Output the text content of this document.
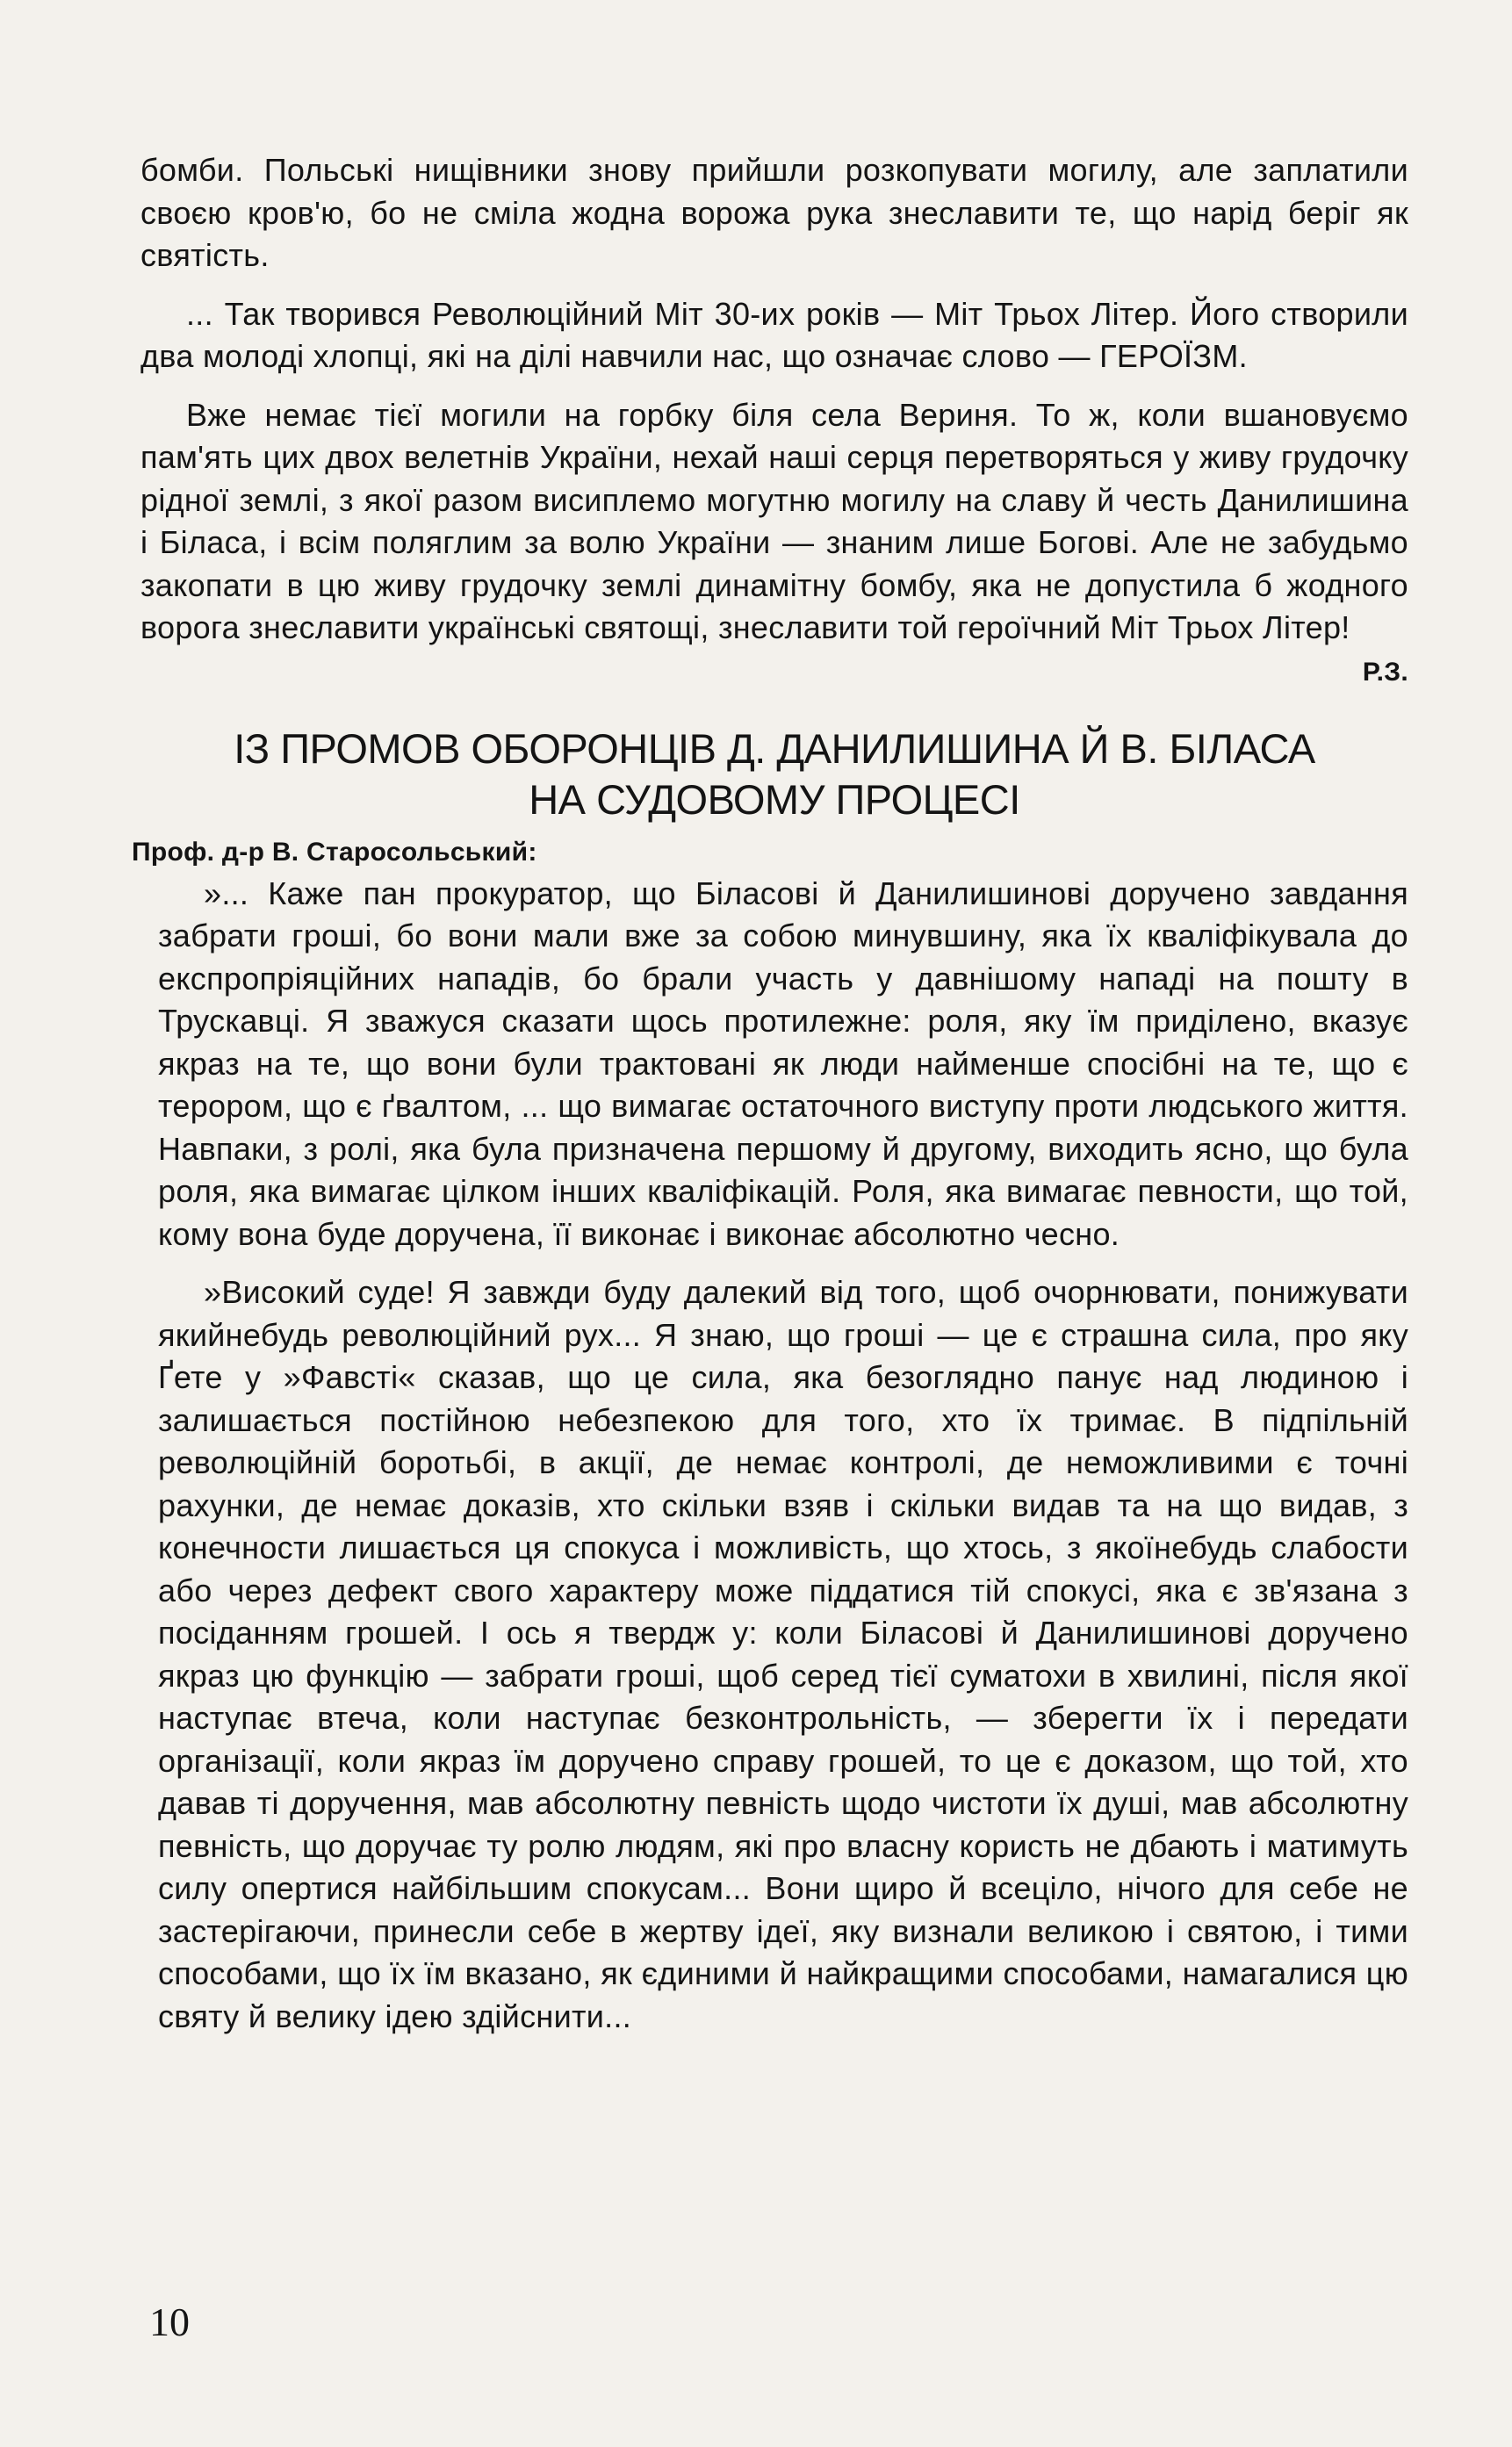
бомби. Польські нищівники знову прийшли розкопувати могилу, але заплатили своєю кров'ю, бо не сміла жодна ворожа рука знеславити те, що нарід беріг як святість.

... Так творився Революційний Міт 30-их років — Міт Трьох Літер. Його створили два молоді хлопці, які на ділі навчили нас, що означає слово — ГЕРОЇЗМ.

Вже немає тієї могили на горбку біля села Вериня. То ж, коли вшановуємо пам'ять цих двох велетнів України, нехай наші серця перетворяться у живу грудочку рідної землі, з якої разом висиплемо могутню могилу на славу й честь Данилишина і Біласа, і всім поляглим за волю України — знаним лише Богові. Але не забудьмо закопати в цю живу грудочку землі динамітну бомбу, яка не допустила б жодного ворога знеславити українські святощі, знеславити той героїчний Міт Трьох Літер!

Р.З.
ІЗ ПРОМОВ ОБОРОНЦІВ Д. ДАНИЛИШИНА Й В. БІЛАСА
НА СУДОВОМУ ПРОЦЕСІ
Проф. д-р В. Старосольський:

»... Каже пан прокуратор, що Біласові й Данилишинові доручено завдання забрати гроші, бо вони мали вже за собою минувшину, яка їх кваліфікувала до експропріяційних нападів, бо брали участь у давнішому нападі на пошту в Трускавці. Я зважуся сказати щось протилежне: роля, яку їм приділено, вказує якраз на те, що вони були трактовані як люди найменше спосібні на те, що є терором, що є ґвалтом, ... що вимагає остаточного виступу проти людського життя. Навпаки, з ролі, яка була призначена першому й другому, виходить ясно, що була роля, яка вимагає цілком інших кваліфікацій. Роля, яка вимагає певности, що той, кому вона буде доручена, її виконає і виконає абсолютно чесно.

»Високий суде! Я завжди буду далекий від того, щоб очорнювати, понижувати якийнебудь революційний рух... Я знаю, що гроші — це є страшна сила, про яку Ґете у »Фавсті« сказав, що це сила, яка безоглядно панує над людиною і залишається постійною небезпекою для того, хто їх тримає. В підпільній революційній боротьбі, в акції, де немає контролі, де неможливими є точні рахунки, де немає доказів, хто скільки взяв і скільки видав та на що видав, з конечности лишається ця спокуса і можливість, що хтось, з якоїнебудь слабости або через дефект свого характеру може піддатися тій спокусі, яка є зв'язана з посіданням грошей. І ось я твердж у: коли Біласові й Данилишинові доручено якраз цю функцію — забрати гроші, щоб серед тієї суматохи в хвилині, після якої наступає втеча, коли наступає безконтрольність, — зберегти їх і передати організації, коли якраз їм доручено справу грошей, то це є доказом, що той, хто давав ті доручення, мав абсолютну певність щодо чистоти їх душі, мав абсолютну певність, що доручає ту ролю людям, які про власну користь не дбають і матимуть силу опертися найбільшим спокусам... Вони щиро й всецілo, нічого для себе не застерігаючи, принесли себе в жертву ідеї, яку визнали великою і святою, і тими способами, що їх їм вказано, як єдиними й найкращими способами, намагалися цю святу й велику ідею здійснити...

10
